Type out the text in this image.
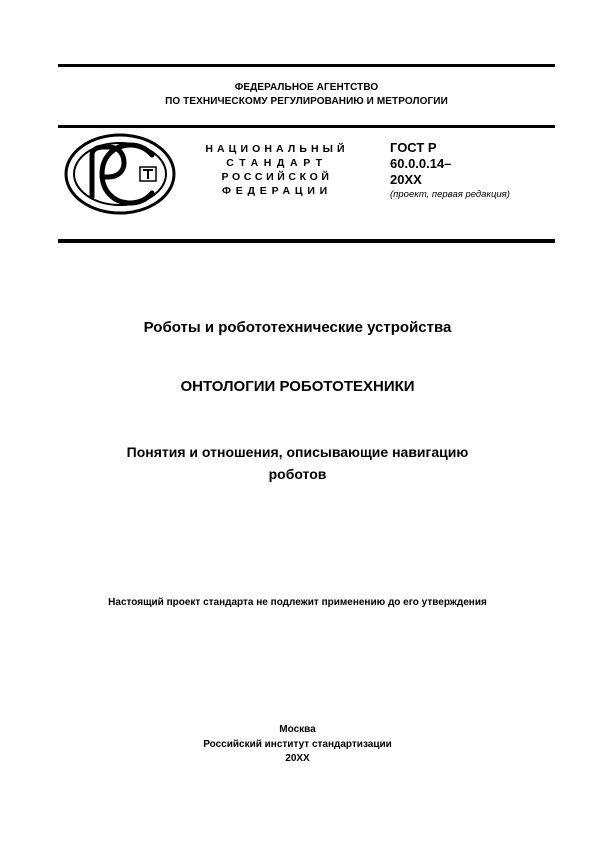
ФЕДЕРАЛЬНОЕ АГЕНТСТВО
ПО ТЕХНИЧЕСКОМУ РЕГУЛИРОВАНИЮ И МЕТРОЛОГИИ
НАЦИОНАЛЬНЫЙ
СТАНДАРТ
РОССИЙСКОЙ
ФЕДЕРАЦИИ
ГОСТ Р
60.0.0.14–
20XX
(проект, первая редакция)
Роботы и робототехнические устройства
ОНТОЛОГИИ РОБОТОТЕХНИКИ
Понятия и отношения, описывающие навигацию
роботов
Настоящий проект стандарта не подлежит применению до его утверждения
Москва
Российский институт стандартизации
20XX
